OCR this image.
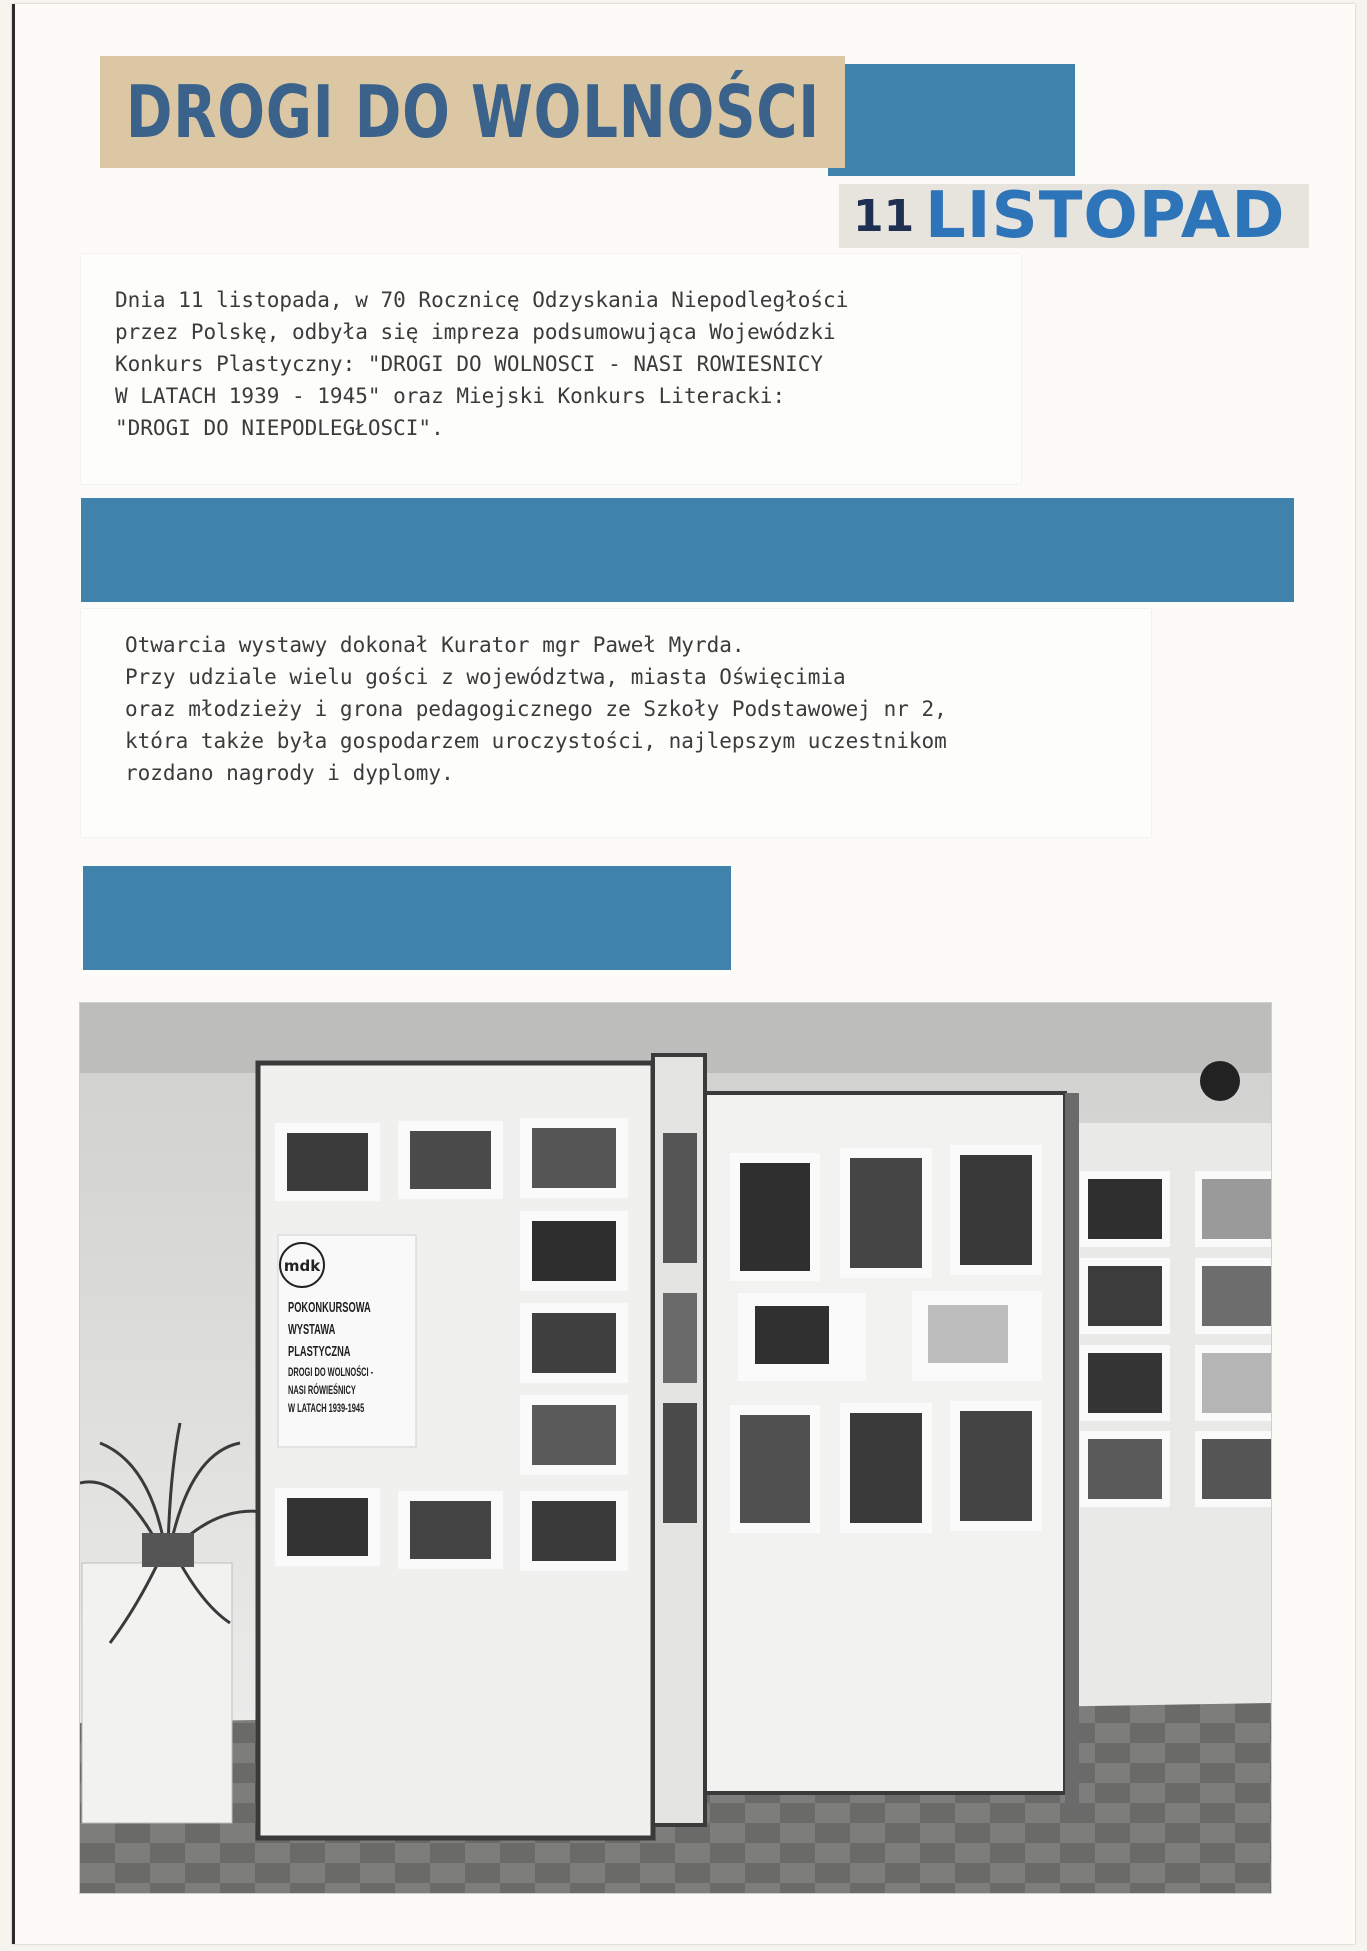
DROGI DO WOLNOŚCI
11 LISTOPAD

Dnia 11 listopada, w 70 Rocznicę Odzyskania Niepodległości

przez Polskę, odbyła się impreza podsumowująca Wojewódzki

Konkurs Plastyczny: "DROGI DO WOLNOSCI - NASI ROWIESNICY

W LATACH 1939 - 1945" oraz Miejski Konkurs Literacki:

"DROGI DO NIEPODLEGŁOSCI".

Otwarcia wystawy dokonał Kurator mgr Paweł Myrda.

Przy udziale wielu gości z województwa, miasta Oświęcimia

oraz młodzieży i grona pedagogicznego ze Szkoły Podstawowej nr 2,

która także była gospodarzem uroczystości, najlepszym uczestnikom

rozdano nagrody i dyplomy.

mdk
POKONKURSOWA
WYSTAWA
PLASTYCZNA
DROGI DO WOLNOŚCI -
NASI RÓWIEŚNICY
W LATACH 1939-1945
